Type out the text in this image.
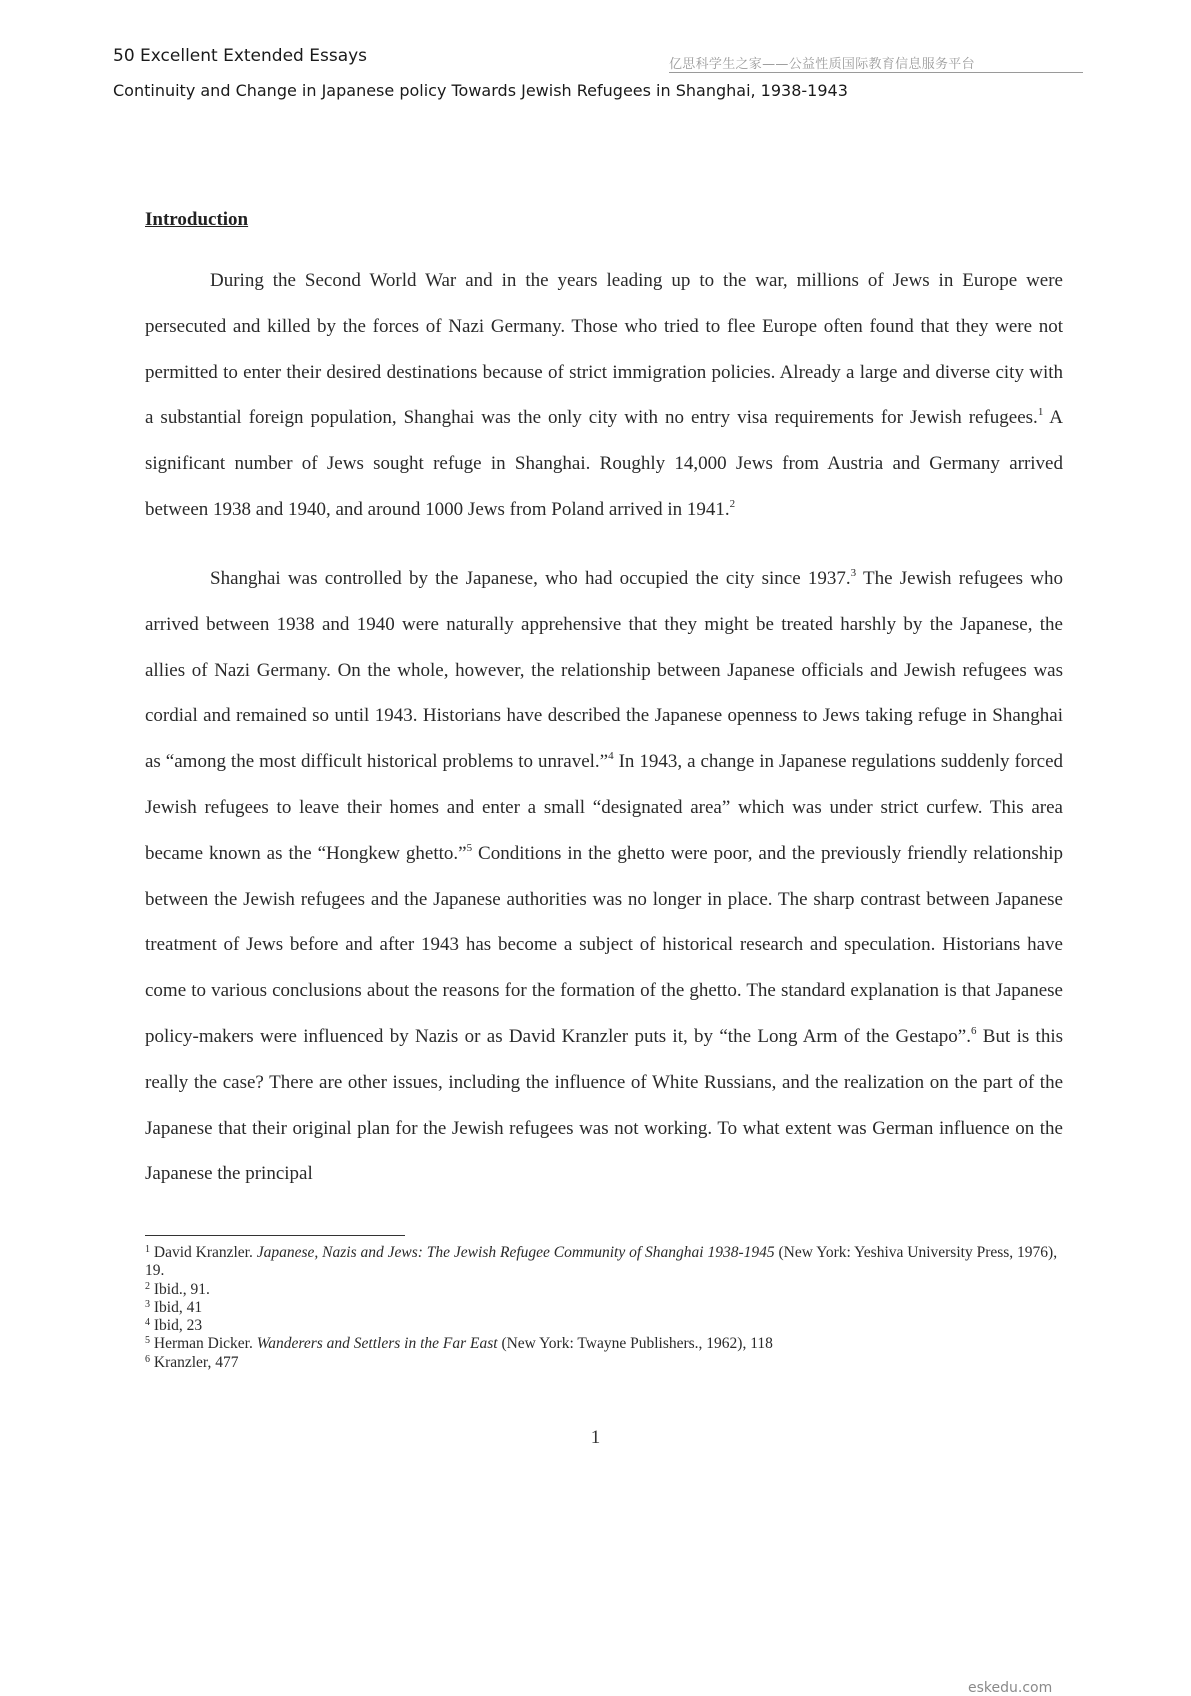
50 Excellent Extended Essays	亿思科学生之家——公益性质国际教育信息服务平台
Continuity and Change in Japanese policy Towards Jewish Refugees in Shanghai, 1938-1943
Introduction

During the Second World War and in the years leading up to the war, millions of Jews in Europe were persecuted and killed by the forces of Nazi Germany. Those who tried to flee Europe often found that they were not permitted to enter their desired destinations because of strict immigration policies. Already a large and diverse city with a substantial foreign population, Shanghai was the only city with no entry visa requirements for Jewish refugees.$^1$ A significant number of Jews sought refuge in Shanghai. Roughly 14,000 Jews from Austria and Germany arrived between 1938 and 1940, and around 1000 Jews from Poland arrived in 1941.$^2$

Shanghai was controlled by the Japanese, who had occupied the city since 1937.$^3$ The Jewish refugees who arrived between 1938 and 1940 were naturally apprehensive that they might be treated harshly by the Japanese, the allies of Nazi Germany. On the whole, however, the relationship between Japanese officials and Jewish refugees was cordial and remained so until 1943. Historians have described the Japanese openness to Jews taking refuge in Shanghai as “among the most difficult historical problems to unravel.”$^4$ In 1943, a change in Japanese regulations suddenly forced Jewish refugees to leave their homes and enter a small “designated area” which was under strict curfew. This area became known as the “Hongkew ghetto.”$^5$ Conditions in the ghetto were poor, and the previously friendly relationship between the Jewish refugees and the Japanese authorities was no longer in place. The sharp contrast between Japanese treatment of Jews before and after 1943 has become a subject of historical research and speculation. Historians have come to various conclusions about the reasons for the formation of the ghetto. The standard explanation is that Japanese policy-makers were influenced by Nazis or as David Kranzler puts it, by “the Long Arm of the Gestapo”.$^6$ But is this really the case? There are other issues, including the influence of White Russians, and the realization on the part of the Japanese that their original plan for the Jewish refugees was not working. To what extent was German influence on the Japanese the principal

$^1$ David Kranzler. Japanese, Nazis and Jews: The Jewish Refugee Community of Shanghai 1938-1945 (New York: Yeshiva University Press, 1976), 19.

$^2$ Ibid., 91.

$^3$ Ibid, 41

$^4$ Ibid, 23

$^5$ Herman Dicker. Wanderers and Settlers in the Far East (New York: Twayne Publishers., 1962), 118

$^6$ Kranzler, 477

1
eskedu.com
